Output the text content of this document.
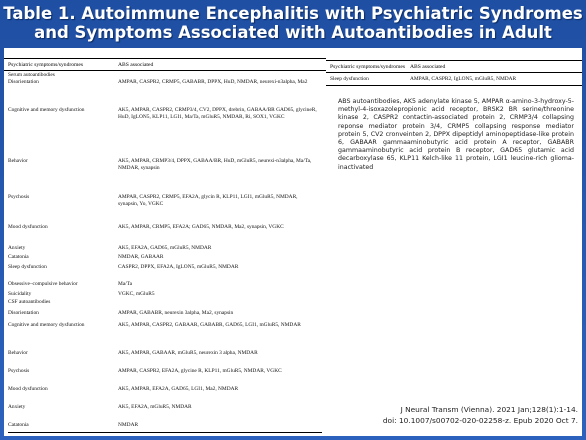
Table 1. Autoimmune Encephalitis with Psychiatric Syndromes
and Symptoms Associated with Autoantibodies in Adult
Psychiatric symptoms/syndromes	ABS associated
Serum autoantibodies
Disorientation	AMPAR, CASPR2, CRMP5, GABABR, DPPX, HuD, NMDAR, neurexi-n3alpha, Ma2
Cognitive and memory dysfunction	AK5, AMPAR, CASPR2, CRMP3/4, CV2, DPPX, drebrin, GABAA/BR GAD65, glycineR, HuD, IgLON5, KLP11, LGI1, Ma/Ta, mGluR5, NMDAR, Ri, SOX1, VGKC
Behavior	AK5, AMPAR, CRMP3/4, DPPX, GABAA/BR, HuD, mGluR5, neurexi-n3alpha, Ma/Ta, NMDAR, synapsin
Psychosis	AMPAR, CASPR2, CRMP5, EFA2A, glycin R, KLP11, LGI1, mGluR5, NMDAR, synapsin, Yo, VGKC
Mood dysfunction	AK5, AMPAR, CRMP5, EFA2A; GAD65, NMDAR, Ma2, synapsin, VGKC
Anxiety	AK5, EFA2A, GAD65, mGluR5, NMDAR
Catatonia	NMDAR, GABAAR
Sleep dysfunction	CASPR2, DPPX, EFA2A, IgLON5, mGluR5, NMDAR
Obsessive–compulsive behavior	Ma/Ta
Suicidality	VGKC, mGluR5
CSF autoantibodies
Disorientation	AMPAR, GABABR, neurexin 3alpha, Ma2, synapsin
Cognitive and memory dysfunction	AK5, AMPAR, CASPR2, GABAAR, GABABR, GAD65, LGI1, mGluR5, NMDAR
Behavior	AK5, AMPAR, GABAAR, mGluR5, neurexin 3 alpha, NMDAR
Psychosis	AMPAR, CASPR2, EFA2A, glycine R, KLP11, mGluR5, NMDAR, VGKC
Mood dysfunction	AK5, AMPAR, EFA2A, GAD65, LGI1, Ma2, NMDAR
Anxiety	AK5, EFA2A, mGluR5, NMDAR
Catatonia	NMDAR
Psychiatric symptoms/syndromes ABS associated
Sleep dysfunction	AMPAR, CASPR2, IgLON5, mGluR5, NMDAR
ABS autoantibodies, AK5 adenylate kinase 5, AMPAR α-amino-3-hydroxy-5-methyl-4-isoxazolepropionic acid receptor, BRSK2 BR serine/threonine kinase 2, CASPR2 contactin-associated protein 2, CRMP3/4 collapsing reponse mediator protein 3/4, CRMP5 collapsing response mediator protein 5, CV2 cronveinten 2, DPPX dipeptidyl aminopeptidase-like protein 6, GABAAR gammaaminobutyric acid protein A receptor, GABABR gammaaminobutyric acid protein B receptor, GAD65 glutamic acid decarboxylase 65, KLP11 Kelch-like 11 protein, LGI1 leucine-rich glioma-inactivated
J Neural Transm (Vienna). 2021 Jan;128(1):1-14.
doi: 10.1007/s00702-020-02258-z. Epub 2020 Oct 7.
